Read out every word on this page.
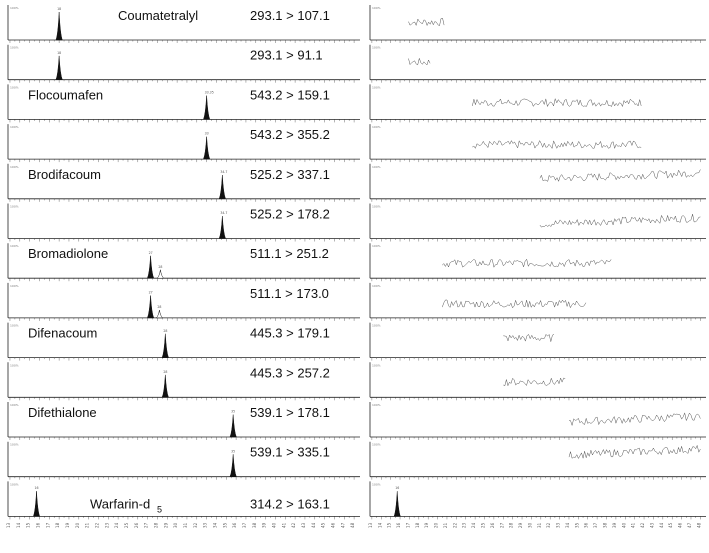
100%	18	Coumatetralyl	293.1 > 107.1	100%
100%
18	293.1 > 91.1	100%
100%
33.35
Flocoumafen	543.2 > 159.1	100%
100%
33	543.2 > 355.2	100%
100%
34.7
Brodifacoum	525.2 > 337.1	100%
100%
34.7 525.2 > 178.2	100%
100%
27
28
Bromadiolone	511.1 > 251.2
100%
100%
27
28
511.1 > 173.0	100%
100%
28
Difenacoum	445.3 > 179.1	100%
100%
28	445.3 > 257.2	100%
100%
35
Difethialone	539.1 > 178.1	100%
100%
35 539.1 > 335.1	100%
100%
16
Warfarin-d 5	314.2 > 163.1
100%
16
13	13
14	14
15	15
16	16
17	17
18	18
19	19
20	20
21	21
22	22
23	23
24	24
25	25
26	26
27	27
28	28
29	29
30	30
31	31
32	32
33	33
34	34
35	35
36	36
37	37
38	38
39	39
40	40
41	41
42	42
43	43
44	44
45	45
46	46
47	47
48	48
